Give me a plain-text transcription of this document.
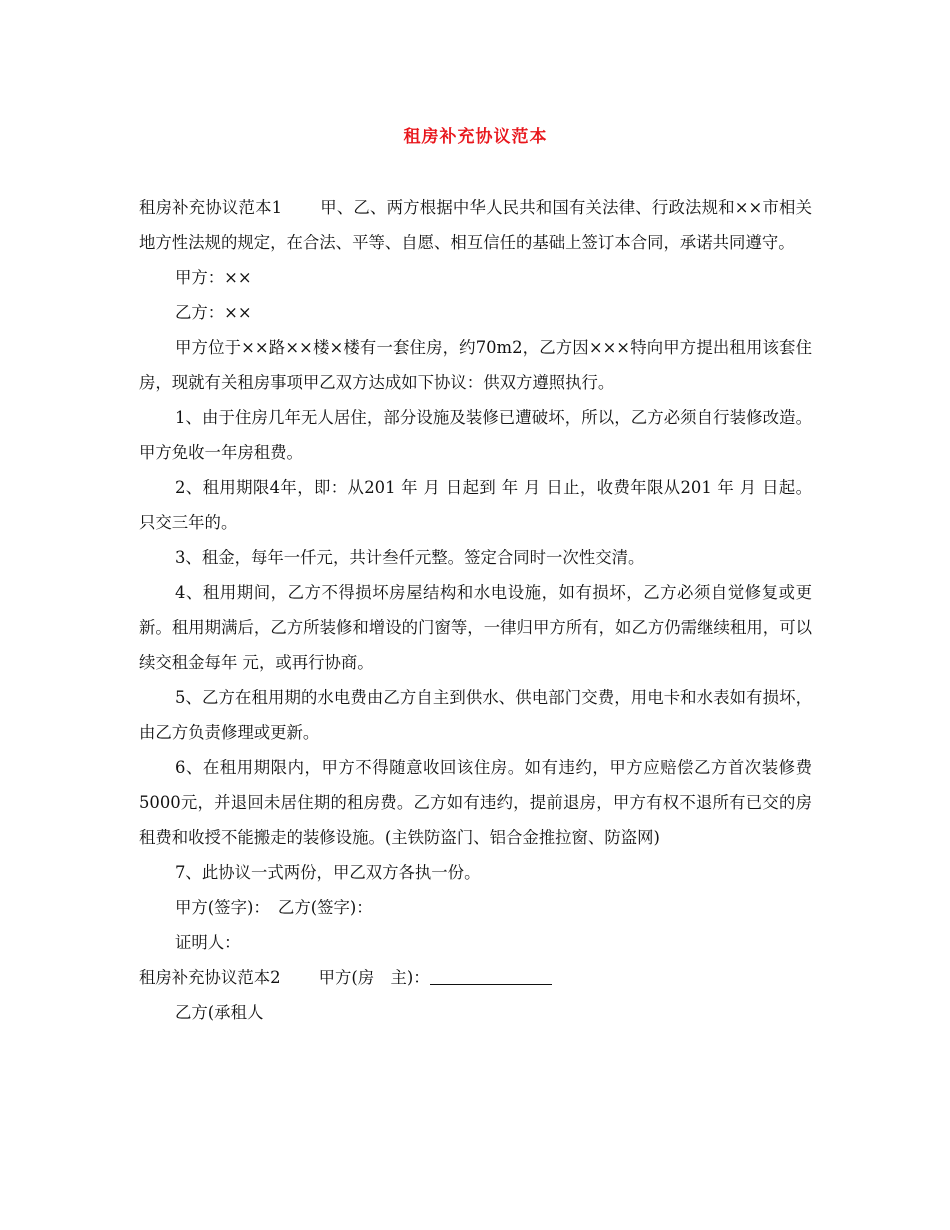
租房补充协议范本

租房补充协议范本1 甲、乙、两方根据中华人民共和国有关法律、行政法规和××市相关地方性法规的规定，在合法、平等、自愿、相互信任的基础上签订本合同，承诺共同遵守。

甲方：××

乙方：××

甲方位于××路××楼×楼有一套住房，约70m2，乙方因×××特向甲方提出租用该套住房，现就有关租房事项甲乙双方达成如下协议：供双方遵照执行。

1、由于住房几年无人居住，部分设施及装修已遭破坏，所以，乙方必须自行装修改造。甲方免收一年房租费。

2、租用期限4年，即：从201 年 月 日起到 年 月 日止，收费年限从201 年 月 日起。只交三年的。

3、租金，每年一仟元，共计叁仟元整。签定合同时一次性交清。

4、租用期间，乙方不得损坏房屋结构和水电设施，如有损坏，乙方必须自觉修复或更新。租用期满后，乙方所装修和增设的门窗等，一律归甲方所有，如乙方仍需继续租用，可以续交租金每年 元，或再行协商。

5、乙方在租用期的水电费由乙方自主到供水、供电部门交费，用电卡和水表如有损坏，由乙方负责修理或更新。

6、在租用期限内，甲方不得随意收回该住房。如有违约，甲方应赔偿乙方首次装修费5000元，并退回未居住期的租房费。乙方如有违约，提前退房，甲方有权不退所有已交的房租费和收授不能搬走的装修设施。(主铁防盗门、铝合金推拉窗、防盗网)

7、此协议一式两份，甲乙双方各执一份。

甲方(签字)：　乙方(签字)：

证明人：

租房补充协议范本2 甲方(房　主)：

乙方(承租人
